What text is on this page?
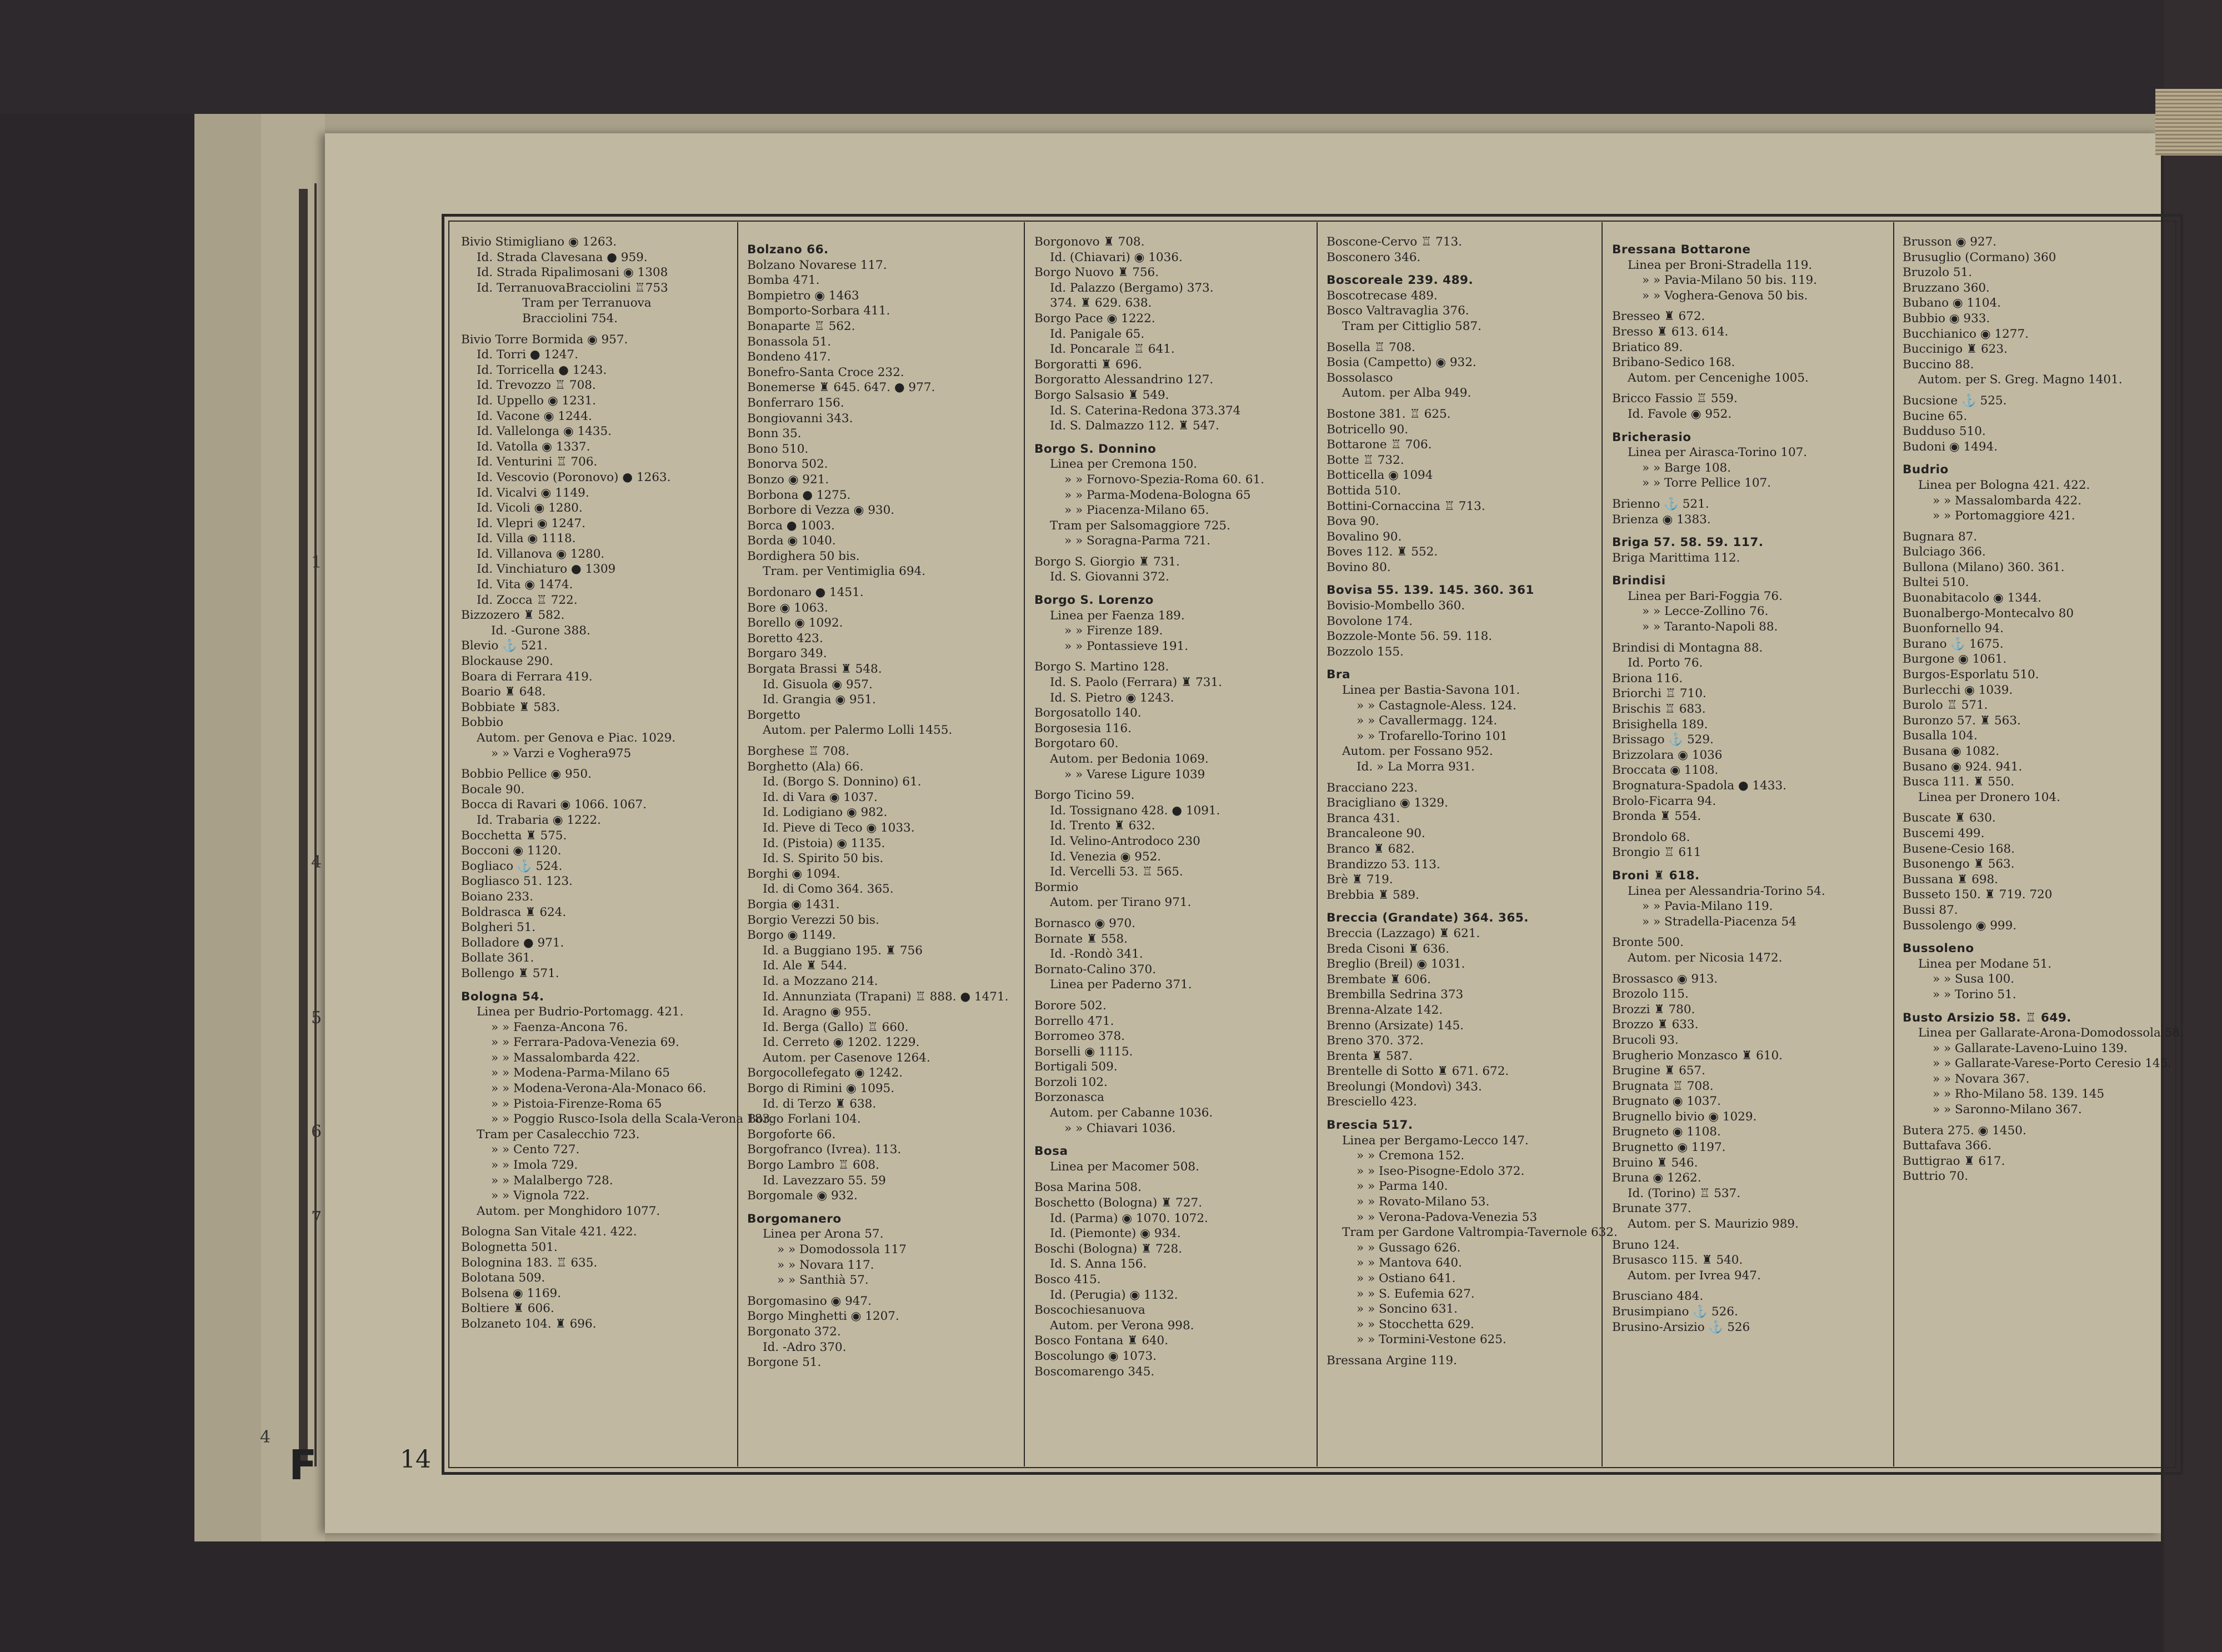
1
4
5
6
7
4
F
Bivio Stimigliano ◉ 1263.
Id. Strada Clavesana ● 959.
Id. Strada Ripalimosani ◉ 1308
Id. TerranuovaBracciolini ♖753
Tram per Terranuova
Bracciolini 754.
Bivio Torre Bormida ◉ 957.
Id. Torri ● 1247.
Id. Torricella ● 1243.
Id. Trevozzo ♖ 708.
Id. Uppello ◉ 1231.
Id. Vacone ◉ 1244.
Id. Vallelonga ◉ 1435.
Id. Vatolla ◉ 1337.
Id. Venturini ♖ 706.
Id. Vescovio (Poronovo) ● 1263.
Id. Vicalvi ◉ 1149.
Id. Vicoli ◉ 1280.
Id. Vlepri ◉ 1247.
Id. Villa ◉ 1118.
Id. Villanova ◉ 1280.
Id. Vinchiaturo ● 1309
Id. Vita ◉ 1474.
Id. Zocca ♖ 722.
Bizzozero ♜ 582.
Id. -Gurone 388.
Blevio ⚓ 521.
Blockause 290.
Boara di Ferrara 419.
Boario ♜ 648.
Bobbiate ♜ 583.
Bobbio
Autom. per Genova e Piac. 1029.
» » Varzi e Voghera975
Bobbio Pellice ◉ 950.
Bocale 90.
Bocca di Ravari ◉ 1066. 1067.
Id. Trabaria ◉ 1222.
Bocchetta ♜ 575.
Bocconi ◉ 1120.
Bogliaco ⚓ 524.
Bogliasco 51. 123.
Boiano 233.
Boldrasca ♜ 624.
Bolgheri 51.
Bolladore ● 971.
Bollate 361.
Bollengo ♜ 571.
Bologna 54.
Linea per Budrio-Portomagg. 421.
» » Faenza-Ancona 76.
» » Ferrara-Padova-Venezia 69.
» » Massalombarda 422.
» » Modena-Parma-Milano 65
» » Modena-Verona-Ala-Monaco 66.
» » Pistoia-Firenze-Roma 65
» » Poggio Rusco-Isola della Scala-Verona 183.
Tram per Casalecchio 723.
» » Cento 727.
» » Imola 729.
» » Malalbergo 728.
» » Vignola 722.
Autom. per Monghidoro 1077.
Bologna San Vitale 421. 422.
Bolognetta 501.
Bolognina 183. ♖ 635.
Bolotana 509.
Bolsena ◉ 1169.
Boltiere ♜ 606.
Bolzaneto 104. ♜ 696.
Bolzano 66.
Bolzano Novarese 117.
Bomba 471.
Bompietro ◉ 1463
Bomporto-Sorbara 411.
Bonaparte ♖ 562.
Bonassola 51.
Bondeno 417.
Bonefro-Santa Croce 232.
Bonemerse ♜ 645. 647. ● 977.
Bonferraro 156.
Bongiovanni 343.
Bonn 35.
Bono 510.
Bonorva 502.
Bonzo ◉ 921.
Borbona ● 1275.
Borbore di Vezza ◉ 930.
Borca ● 1003.
Borda ◉ 1040.
Bordighera 50 bis.
Tram. per Ventimiglia 694.
Bordonaro ● 1451.
Bore ◉ 1063.
Borello ◉ 1092.
Boretto 423.
Borgaro 349.
Borgata Brassi ♜ 548.
Id. Gisuola ◉ 957.
Id. Grangia ◉ 951.
Borgetto
Autom. per Palermo Lolli 1455.
Borghese ♖ 708.
Borghetto (Ala) 66.
Id. (Borgo S. Donnino) 61.
Id. di Vara ◉ 1037.
Id. Lodigiano ◉ 982.
Id. Pieve di Teco ◉ 1033.
Id. (Pistoia) ◉ 1135.
Id. S. Spirito 50 bis.
Borghi ◉ 1094.
Id. di Como 364. 365.
Borgia ◉ 1431.
Borgio Verezzi 50 bis.
Borgo ◉ 1149.
Id. a Buggiano 195. ♜ 756
Id. Ale ♜ 544.
Id. a Mozzano 214.
Id. Annunziata (Trapani) ♖ 888. ● 1471.
Id. Aragno ◉ 955.
Id. Berga (Gallo) ♖ 660.
Id. Cerreto ◉ 1202. 1229.
Autom. per Casenove 1264.
Borgocollefegato ◉ 1242.
Borgo di Rimini ◉ 1095.
Id. di Terzo ♜ 638.
Borgo Forlani 104.
Borgoforte 66.
Borgofranco (Ivrea). 113.
Borgo Lambro ♖ 608.
Id. Lavezzaro 55. 59
Borgomale ◉ 932.
Borgomanero
Linea per Arona 57.
» » Domodossola 117
» » Novara 117.
» » Santhià 57.
Borgomasino ◉ 947.
Borgo Minghetti ◉ 1207.
Borgonato 372.
Id. -Adro 370.
Borgone 51.
Borgonovo ♜ 708.
Id. (Chiavari) ◉ 1036.
Borgo Nuovo ♜ 756.
Id. Palazzo (Bergamo) 373.
374. ♜ 629. 638.
Borgo Pace ◉ 1222.
Id. Panigale 65.
Id. Poncarale ♖ 641.
Borgoratti ♜ 696.
Borgoratto Alessandrino 127.
Borgo Salsasio ♜ 549.
Id. S. Caterina-Redona 373.374
Id. S. Dalmazzo 112. ♜ 547.
Borgo S. Donnino
Linea per Cremona 150.
» » Fornovo-Spezia-Roma 60. 61.
» » Parma-Modena-Bologna 65
» » Piacenza-Milano 65.
Tram per Salsomaggiore 725.
» » Soragna-Parma 721.
Borgo S. Giorgio ♜ 731.
Id. S. Giovanni 372.
Borgo S. Lorenzo
Linea per Faenza 189.
» » Firenze 189.
» » Pontassieve 191.
Borgo S. Martino 128.
Id. S. Paolo (Ferrara) ♜ 731.
Id. S. Pietro ◉ 1243.
Borgosatollo 140.
Borgosesia 116.
Borgotaro 60.
Autom. per Bedonia 1069.
» » Varese Ligure 1039
Borgo Ticino 59.
Id. Tossignano 428. ● 1091.
Id. Trento ♜ 632.
Id. Velino-Antrodoco 230
Id. Venezia ◉ 952.
Id. Vercelli 53. ♖ 565.
Bormio
Autom. per Tirano 971.
Bornasco ◉ 970.
Bornate ♜ 558.
Id. -Rondò 341.
Bornato-Calino 370.
Linea per Paderno 371.
Borore 502.
Borrello 471.
Borromeo 378.
Borselli ◉ 1115.
Bortigali 509.
Borzoli 102.
Borzonasca
Autom. per Cabanne 1036.
» » Chiavari 1036.
Bosa
Linea per Macomer 508.
Bosa Marina 508.
Boschetto (Bologna) ♜ 727.
Id. (Parma) ◉ 1070. 1072.
Id. (Piemonte) ◉ 934.
Boschi (Bologna) ♜ 728.
Id. S. Anna 156.
Bosco 415.
Id. (Perugia) ◉ 1132.
Boscochiesanuova
Autom. per Verona 998.
Bosco Fontana ♜ 640.
Boscolungo ◉ 1073.
Boscomarengo 345.
Boscone-Cervo ♖ 713.
Bosconero 346.
Boscoreale 239. 489.
Boscotrecase 489.
Bosco Valtravaglia 376.
Tram per Cittiglio 587.
Bosella ♖ 708.
Bosia (Campetto) ◉ 932.
Bossolasco
Autom. per Alba 949.
Bostone 381. ♖ 625.
Botricello 90.
Bottarone ♖ 706.
Botte ♖ 732.
Botticella ◉ 1094
Bottida 510.
Bottini-Cornaccina ♖ 713.
Bova 90.
Bovalino 90.
Boves 112. ♜ 552.
Bovino 80.
Bovisa 55. 139. 145. 360. 361
Bovisio-Mombello 360.
Bovolone 174.
Bozzole-Monte 56. 59. 118.
Bozzolo 155.
Bra
Linea per Bastia-Savona 101.
» » Castagnole-Aless. 124.
» » Cavallermagg. 124.
» » Trofarello-Torino 101
Autom. per Fossano 952.
Id. » La Morra 931.
Bracciano 223.
Bracigliano ◉ 1329.
Branca 431.
Brancaleone 90.
Branco ♜ 682.
Brandizzo 53. 113.
Brè ♜ 719.
Brebbia ♜ 589.
Brecciа (Grandate) 364. 365.
Breccia (Lazzago) ♜ 621.
Breda Cisoni ♜ 636.
Breglio (Breil) ◉ 1031.
Brembate ♜ 606.
Brembilla Sedrina 373
Brenna-Alzate 142.
Brenno (Arsizate) 145.
Breno 370. 372.
Brenta ♜ 587.
Brentelle di Sotto ♜ 671. 672.
Breolungi (Mondovì) 343.
Bresciello 423.
Brescia 517.
Linea per Bergamo-Lecco 147.
» » Cremona 152.
» » Iseo-Pisogne-Edolo 372.
» » Parma 140.
» » Rovato-Milano 53.
» » Verona-Padova-Venezia 53
Tram per Gardone Valtrompia-Tavernole 632.
» » Gussago 626.
» » Mantova 640.
» » Ostiano 641.
» » S. Eufemia 627.
» » Soncino 631.
» » Stocchetta 629.
» » Tormini-Vestone 625.
Bressana Argine 119.
Bressana Bottarone
Linea per Broni-Stradella 119.
» » Pavia-Milano 50 bis. 119.
» » Voghera-Genova 50 bis.
Bresseo ♜ 672.
Bresso ♜ 613. 614.
Briatico 89.
Bribano-Sedico 168.
Autom. per Cencenighe 1005.
Bricco Fassio ♖ 559.
Id. Favole ◉ 952.
Bricherasio
Linea per Airasca-Torino 107.
» » Barge 108.
» » Torre Pellice 107.
Brienno ⚓ 521.
Brienza ◉ 1383.
Briga 57. 58. 59. 117.
Briga Marittima 112.
Brindisi
Linea per Bari-Foggia 76.
» » Lecce-Zollino 76.
» » Taranto-Napoli 88.
Brindisi di Montagna 88.
Id. Porto 76.
Briona 116.
Briorchi ♖ 710.
Brischis ♖ 683.
Brisighella 189.
Brissago ⚓ 529.
Brizzolara ◉ 1036
Broccata ◉ 1108.
Brognatura-Spadola ● 1433.
Brolo-Ficarra 94.
Bronda ♜ 554.
Brondolo 68.
Brongio ♖ 611
Broni ♜ 618.
Linea per Alessandria-Torino 54.
» » Pavia-Milano 119.
» » Stradella-Piacenza 54
Bronte 500.
Autom. per Nicosia 1472.
Brossasco ◉ 913.
Brozolo 115.
Brozzi ♜ 780.
Brozzo ♜ 633.
Brucoli 93.
Brugherio Monzasco ♜ 610.
Brugine ♜ 657.
Brugnata ♖ 708.
Brugnato ◉ 1037.
Brugnello bivio ◉ 1029.
Brugneto ◉ 1108.
Brugnetto ◉ 1197.
Bruino ♜ 546.
Bruna ◉ 1262.
Id. (Torino) ♖ 537.
Brunate 377.
Autom. per S. Maurizio 989.
Bruno 124.
Brusasco 115. ♜ 540.
Autom. per Ivrea 947.
Brusciano 484.
Brusimpiano ⚓ 526.
Brusino-Arsizio ⚓ 526
Brusson ◉ 927.
Brusuglio (Cormano) 360
Bruzolo 51.
Bruzzano 360.
Bubano ◉ 1104.
Bubbio ◉ 933.
Bucchianico ◉ 1277.
Buccinigo ♜ 623.
Buccino 88.
Autom. per S. Greg. Magno 1401.
Bucsione ⚓ 525.
Bucine 65.
Budduso 510.
Budoni ◉ 1494.
Budrio
Linea per Bologna 421. 422.
» » Massalombarda 422.
» » Portomaggiore 421.
Bugnara 87.
Bulciago 366.
Bullona (Milano) 360. 361.
Bultei 510.
Buonabitacolo ◉ 1344.
Buonalbergo-Montecalvo 80
Buonfornello 94.
Burano ⚓ 1675.
Burgone ◉ 1061.
Burgos-Esporlatu 510.
Burlecchi ◉ 1039.
Burolo ♖ 571.
Buronzo 57. ♜ 563.
Busalla 104.
Busana ◉ 1082.
Busano ◉ 924. 941.
Busca 111. ♜ 550.
Linea per Dronero 104.
Buscate ♜ 630.
Buscemi 499.
Busene-Cesio 168.
Busonengo ♜ 563.
Bussana ♜ 698.
Busseto 150. ♜ 719. 720
Bussi 87.
Bussolengo ◉ 999.
Bussoleno
Linea per Modane 51.
» » Susa 100.
» » Torino 51.
Busto Arsizio 58. ♖ 649.
Linea per Gallarate-Arona-Domodossola 58.
» » Gallarate-Laveno-Luino 139.
» » Gallarate-Varese-Porto Ceresio 145.
» » Novara 367.
» » Rho-Milano 58. 139. 145
» » Saronno-Milano 367.
Butera 275. ◉ 1450.
Buttafava 366.
Buttigrao ♜ 617.
Buttrio 70.
14
